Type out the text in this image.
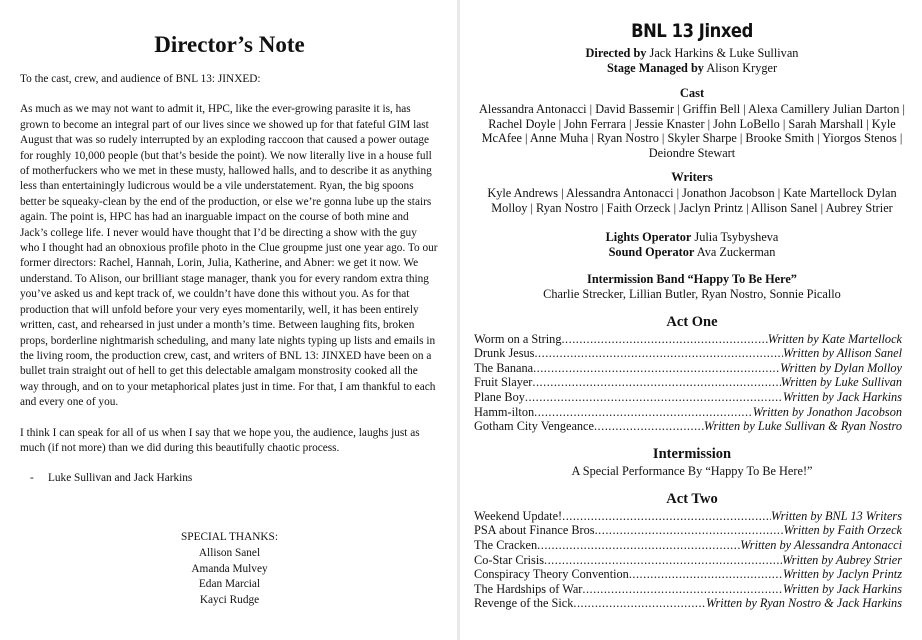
Director’s Note

To the cast, crew, and audience of BNL 13: JINXED:

As much as we may not want to admit it, HPC, like the ever-growing parasite it is, has grown to become an integral part of our lives since we showed up for that fateful GIM last August that was so rudely interrupted by an exploding raccoon that caused a power outage for roughly 10,000 people (but that’s beside the point). We now literally live in a house full of motherfuckers who we met in these musty, hallowed halls, and to describe it as anything less than entertainingly ludicrous would be a vile understatement. Ryan, the big spoons better be squeaky-clean by the end of the production, or else we’re gonna lube up the stairs again. The point is, HPC has had an inarguable impact on the course of both mine and Jack’s college life. I never would have thought that I’d be directing a show with the guy who I thought had an obnoxious profile photo in the Clue groupme just one year ago. To our former directors: Rachel, Hannah, Lorin, Julia, Katherine, and Abner: we get it now. We understand. To Alison, our brilliant stage manager, thank you for every random extra thing you’ve asked us and kept track of, we couldn’t have done this without you. As for that production that will unfold before your very eyes momentarily, well, it has been entirely written, cast, and rehearsed in just under a month’s time. Between laughing fits, broken props, borderline nightmarish scheduling, and many late nights typing up lists and emails in the living room, the production crew, cast, and writers of BNL 13: JINXED have been on a bullet train straight out of hell to get this delectable amalgam monstrosity cooked all the way through, and on to your metaphorical plates just in time. For that, I am thankful to each and every one of you.

I think I can speak for all of us when I say that we hope you, the audience, laughs just as much (if not more) than we did during this beautifully chaotic process.

- Luke Sullivan and Jack Harkins

SPECIAL THANKS:
Allison Sanel
Amanda Mulvey
Edan Marcial
Kayci Rudge
BNL 13 Jinxed
Directed by Jack Harkins & Luke Sullivan
Stage Managed by Alison Kryger
Cast
Alessandra Antonacci | David Bassemir | Griffin Bell | Alexa Camillery Julian Darton | Rachel Doyle | John Ferrara | Jessie Knaster | John LoBello | Sarah Marshall | Kyle McAfee | Anne Muha | Ryan Nostro | Skyler Sharpe | Brooke Smith | Yiorgos Stenos | Deiondre Stewart
Writers
Kyle Andrews | Alessandra Antonacci | Jonathon Jacobson | Kate Martellock Dylan Molloy | Ryan Nostro | Faith Orzeck | Jaclyn Printz | Allison Sanel | Aubrey Strier
Lights Operator Julia Tsybysheva
Sound Operator Ava Zuckerman
Intermission Band “Happy To Be Here”
Charlie Strecker, Lillian Butler, Ryan Nostro, Sonnie Picallo
Act One
Worm on a String .....	Written by Kate Martellock
Drunk Jesus .....	Written by Allison Sanel
The Banana .....	Written by Dylan Molloy
Fruit Slayer .....	Written by Luke Sullivan
Plane Boy .....	Written by Jack Harkins
Hamm-ilton .....	Written by Jonathon Jacobson
Gotham City Vengeance .....	Written by Luke Sullivan & Ryan Nostro
Intermission
A Special Performance By “Happy To Be Here!”
Act Two
Weekend Update! .....	Written by BNL 13 Writers
PSA about Finance Bros .....	Written by Faith Orzeck
The Cracken .....	Written by Alessandra Antonacci
Co-Star Crisis .....	Written by Aubrey Strier
Conspiracy Theory Convention .....	Written by Jaclyn Printz
The Hardships of War .....	Written by Jack Harkins
Revenge of the Sick .....	Written by Ryan Nostro & Jack Harkins
